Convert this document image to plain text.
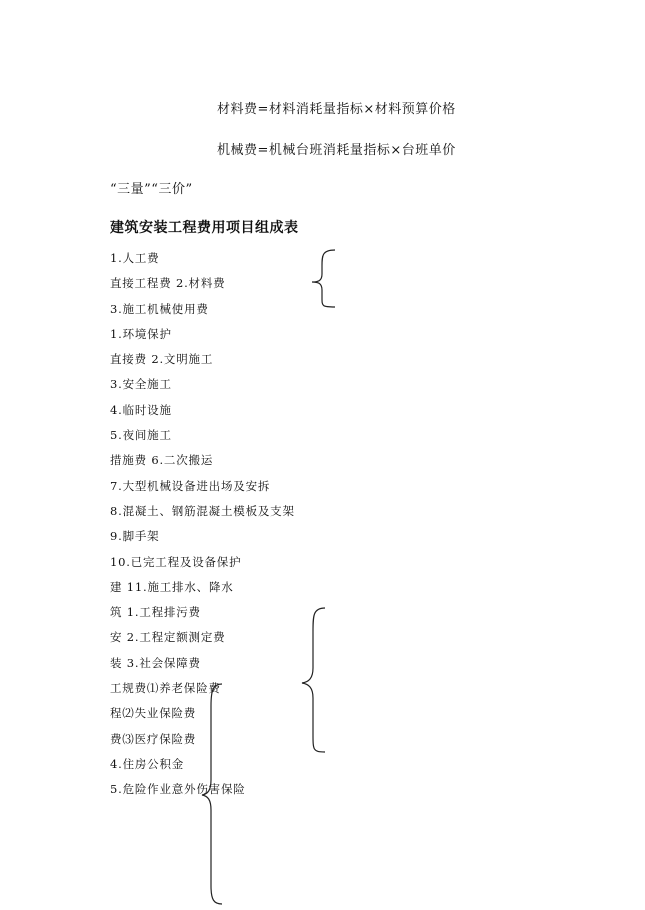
材料费=材料消耗量指标×材料预算价格
机械费=机械台班消耗量指标×台班单价
“三量”“三价”
建筑安装工程费用项目组成表
1.人工费
直接工程费 2.材料费
3.施工机械使用费
1.环境保护
直接费 2.文明施工
3.安全施工
4.临时设施
5.夜间施工
措施费 6.二次搬运
7.大型机械设备进出场及安拆
8.混凝土、钢筋混凝土模板及支架
9.脚手架
10.已完工程及设备保护
建 11.施工排水、降水
筑 1.工程排污费
安 2.工程定额测定费
装 3.社会保障费
工规费⑴养老保险费
程⑵失业保险费
费⑶医疗保险费
4.住房公积金
5.危险作业意外伤害保险
